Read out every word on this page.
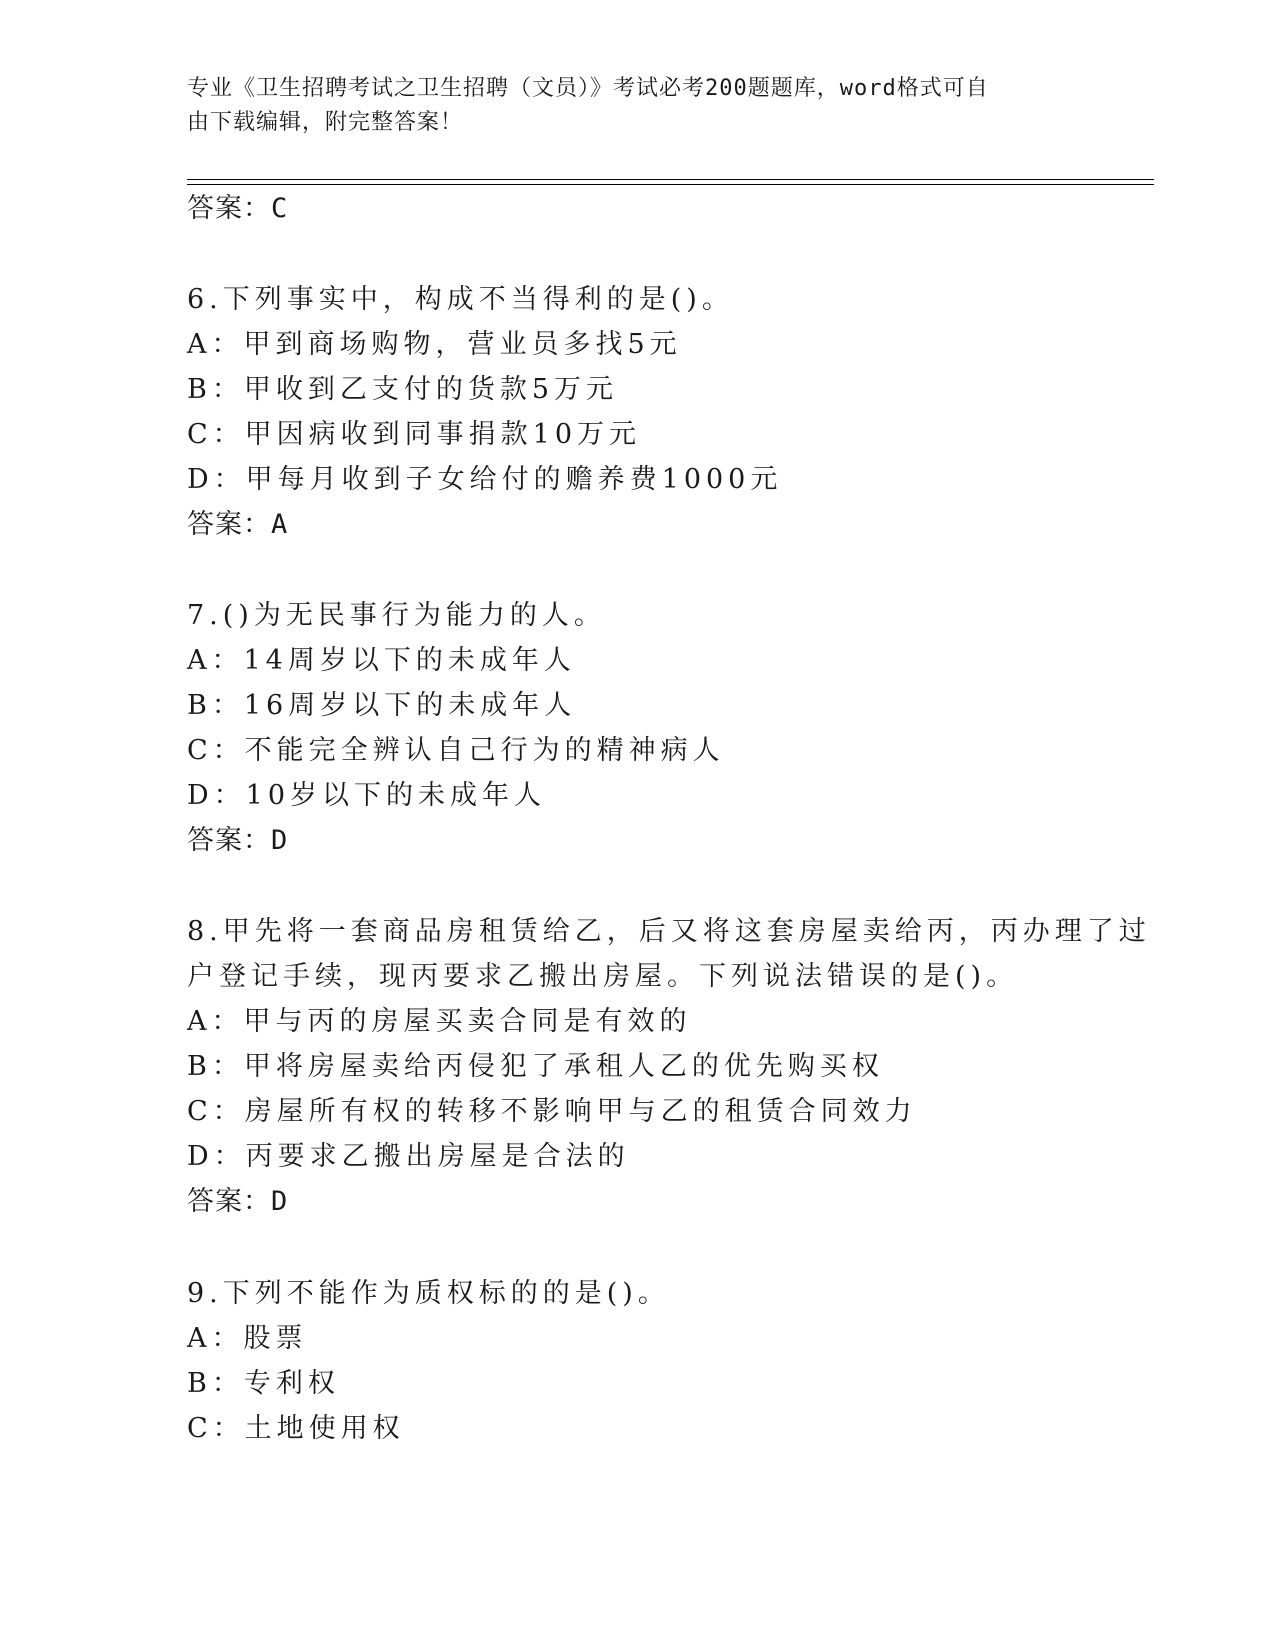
专业《卫生招聘考试之卫生招聘（文员）》考试必考200题题库，word格式可自
由下载编辑，附完整答案！
答案：C
6.下列事实中，构成不当得利的是()。
A：甲到商场购物，营业员多找5元
B：甲收到乙支付的货款5万元
C：甲因病收到同事捐款10万元
D：甲每月收到子女给付的赡养费1000元
答案：A
7.()为无民事行为能力的人。
A：14周岁以下的未成年人
B：16周岁以下的未成年人
C：不能完全辨认自己行为的精神病人
D：10岁以下的未成年人
答案：D
8.甲先将一套商品房租赁给乙，后又将这套房屋卖给丙，丙办理了过
户登记手续，现丙要求乙搬出房屋。下列说法错误的是()。
A：甲与丙的房屋买卖合同是有效的
B：甲将房屋卖给丙侵犯了承租人乙的优先购买权
C：房屋所有权的转移不影响甲与乙的租赁合同效力
D：丙要求乙搬出房屋是合法的
答案：D
9.下列不能作为质权标的的是()。
A：股票
B：专利权
C：土地使用权
